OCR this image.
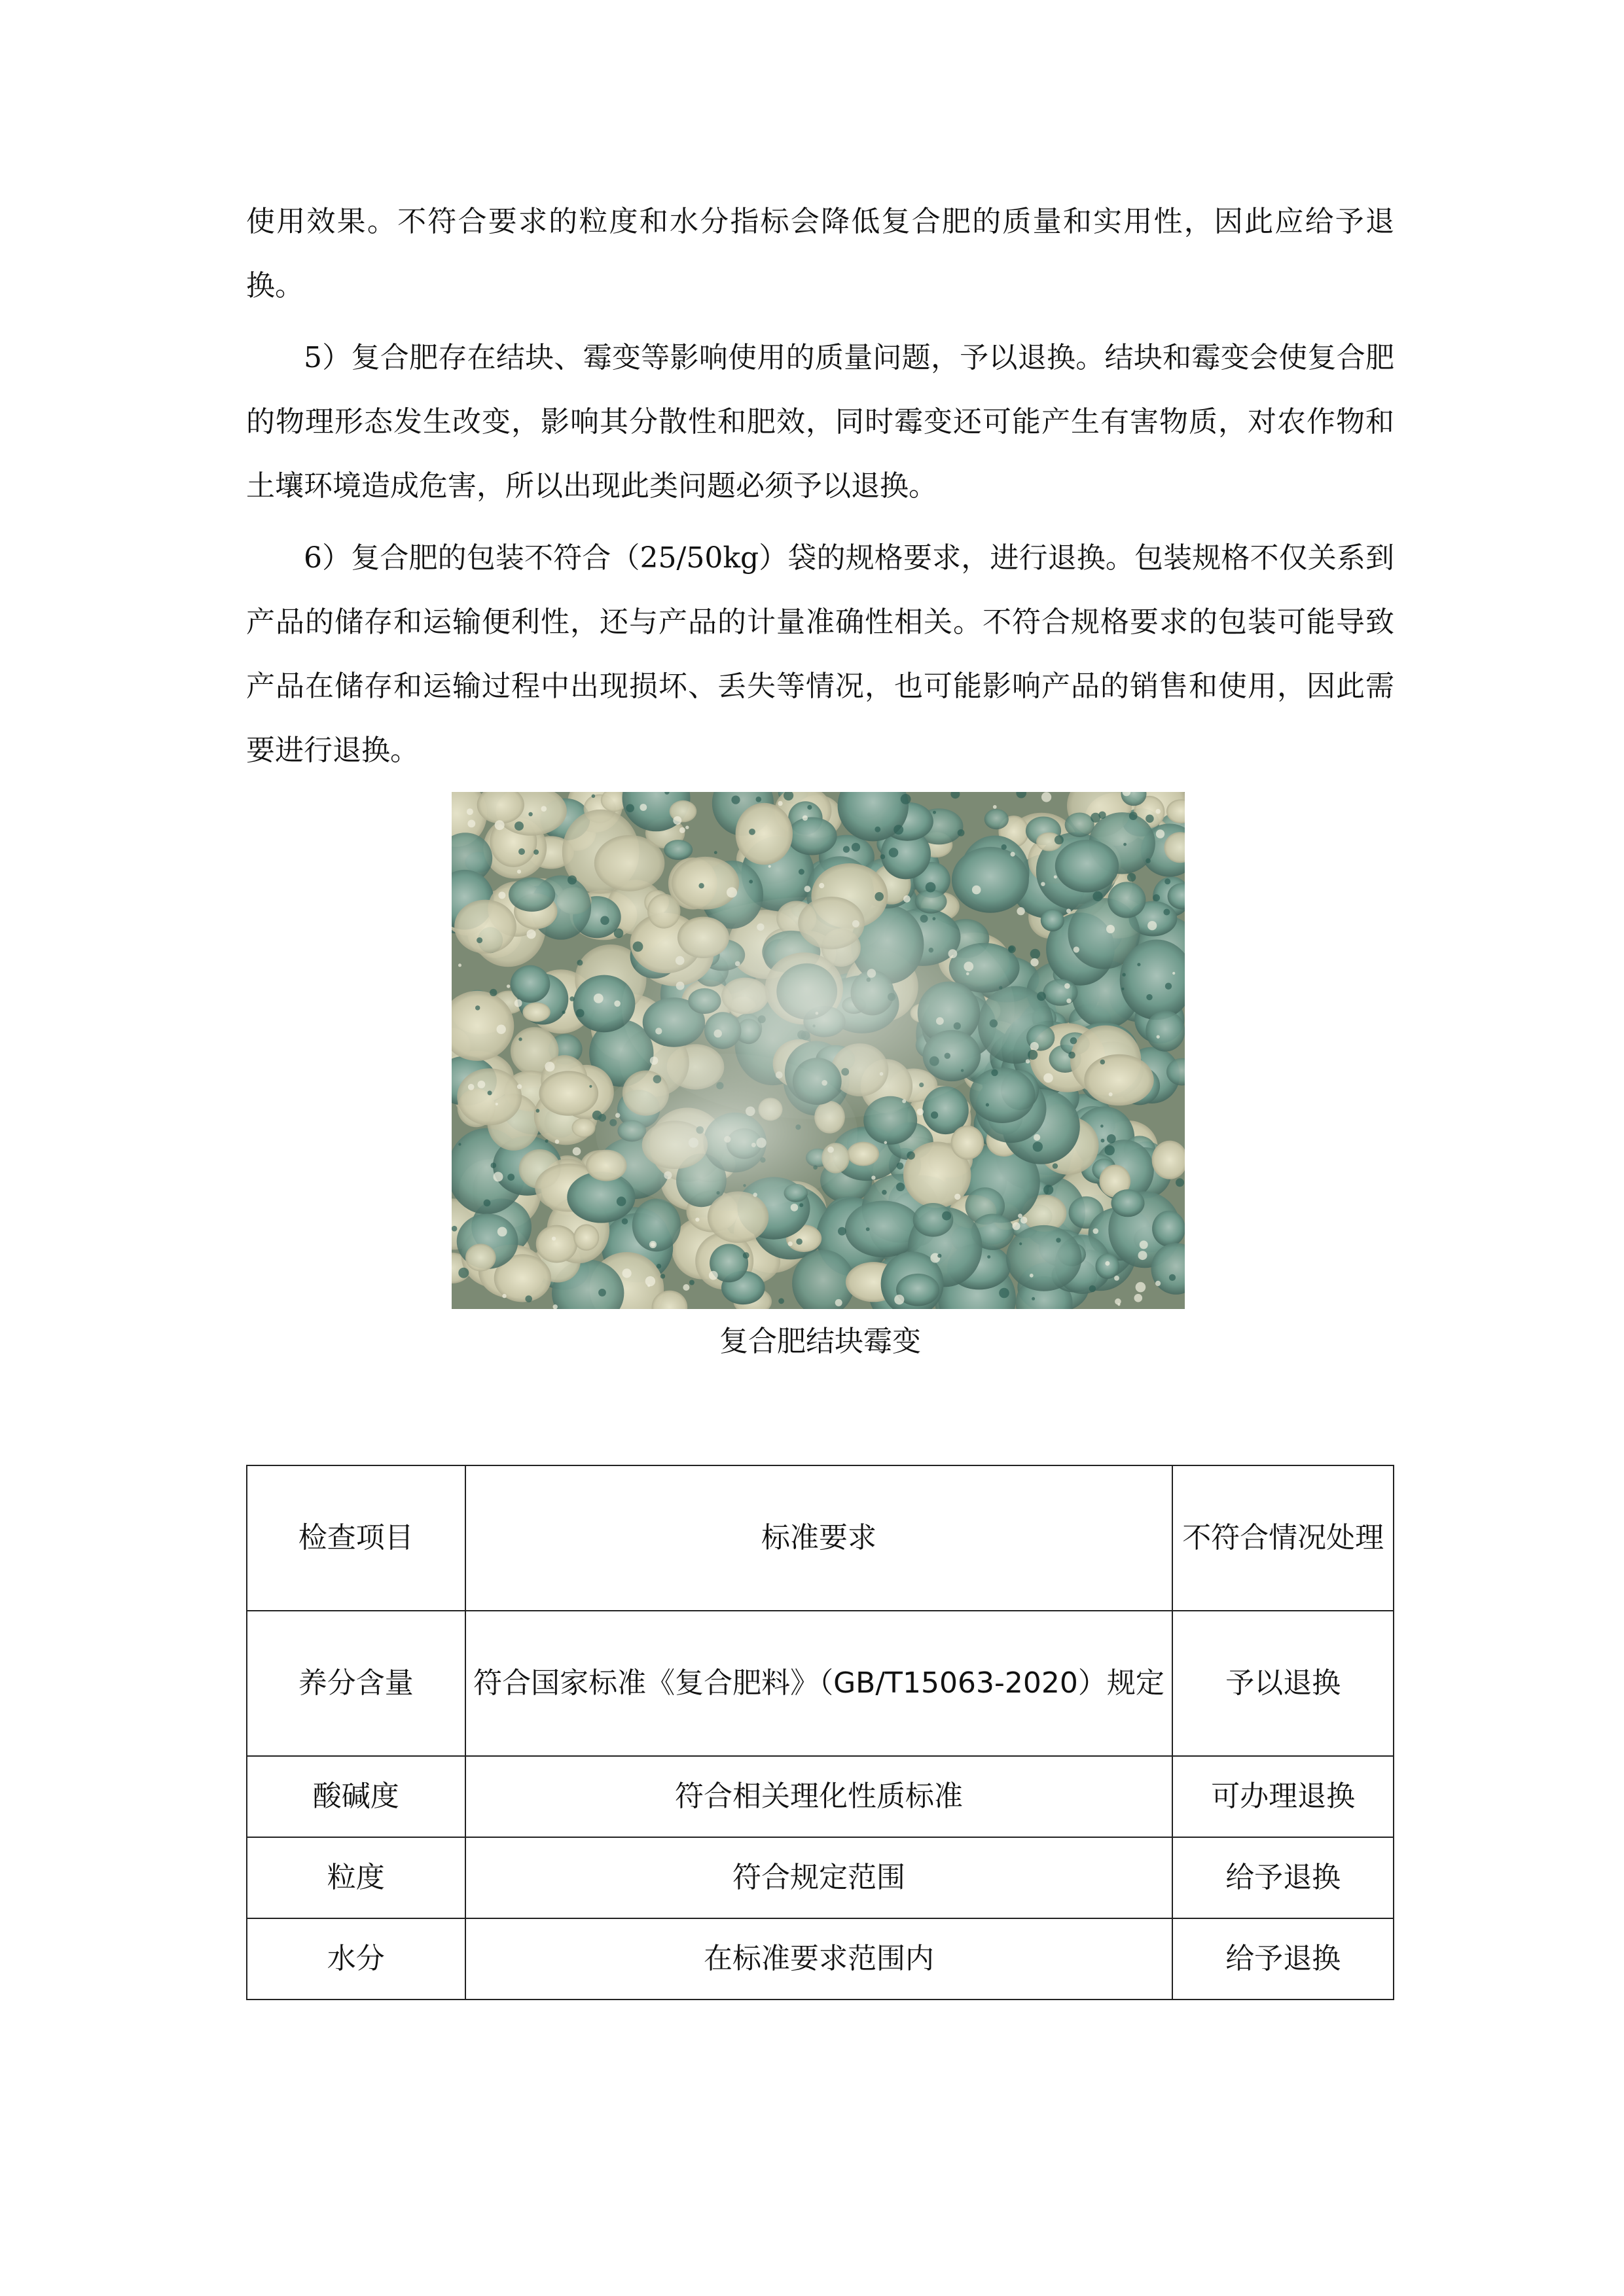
使用效果。不符合要求的粒度和水分指标会降低复合肥的质量和实用性，因此应给予退换。

5）复合肥存在结块、霉变等影响使用的质量问题，予以退换。结块和霉变会使复合肥的物理形态发生改变，影响其分散性和肥效，同时霉变还可能产生有害物质，对农作物和土壤环境造成危害，所以出现此类问题必须予以退换。

6）复合肥的包装不符合（25/50kg）袋的规格要求，进行退换。包装规格不仅关系到产品的储存和运输便利性，还与产品的计量准确性相关。不符合规格要求的包装可能导致产品在储存和运输过程中出现损坏、丢失等情况，也可能影响产品的销售和使用，因此需要进行退换。

复合肥结块霉变
检查项目	标准要求	不符合情况处理
养分含量	符合国家标准《复合肥料》（GB/T15063-2020）规定	予以退换
酸碱度	符合相关理化性质标准	可办理退换
粒度	符合规定范围	给予退换
水分	在标准要求范围内	给予退换
